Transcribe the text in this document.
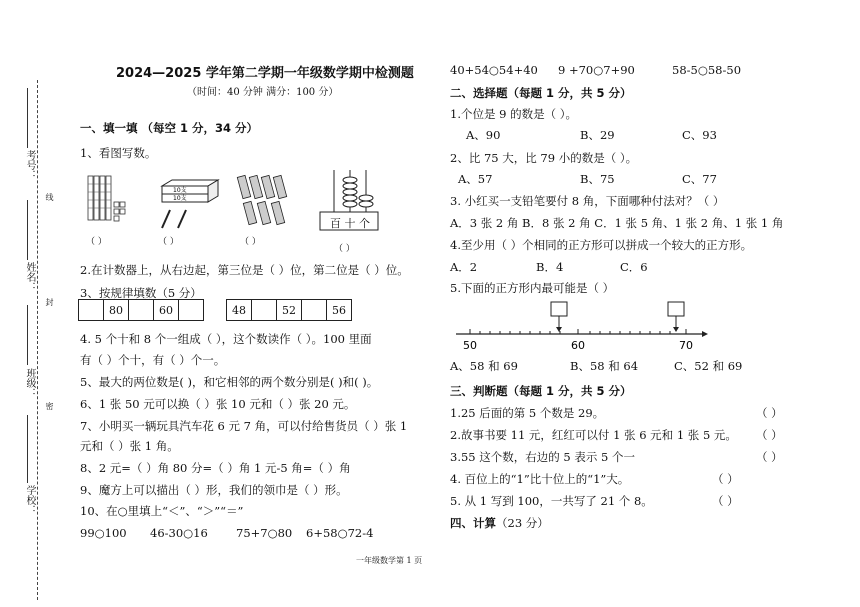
考号：
姓名：
班级：
学校：
线
封
密
2024—2025 学年第二学期一年级数学期中检测题
（时间：40 分钟 满分：100 分）
一、填一填 （每空 1 分，34 分）
1、看图写数。
（ ）
10支
10支
（ ）	（ ）
百 十 个
（ ）
2.在计数器上，从右边起，第三位是（ ）位，第二位是（ ）位。
3、按规律填数（5 分）
	80		60		48		52		56
4. 5 个十和 8 个一组成（ ），这个数读作（ ）。100 里面
有（ ）个十，有（ ）个一。
5、最大的两位数是( )，和它相邻的两个数分别是( )和( )。
6、1 张 50 元可以换（ ）张 10 元和（ ）张 20 元。
7、小明买一辆玩具汽车花 6 元 7 角，可以付给售货员（ ）张 1
元和（ ）张 1 角。
8、2 元=（ ）角 80 分=（ ）角 1 元-5 角=（ ）角
9、魔方上可以描出（ ）形，我们的领巾是（ ）形。
10、在○里填上“＜”、“＞”“＝”
99○100 46-30○16 75+7○80 6+58○72-4
一年级数学第 1 页
40+54○54+40 9 +70○7+90	58-5○58-50
二、选择题（每题 1 分，共 5 分）
1.个位是 9 的数是（ ）。
A、90	B、29	C、93
2、比 75 大，比 79 小的数是（ ）。
A、57	B、75	C、77
3. 小红买一支铅笔要付 8 角，下面哪种付法对？（ ）
A．3 张 2 角 B．8 张 2 角 C．1 张 5 角、1 张 2 角、1 张 1 角
4.至少用（ ）个相同的正方形可以拼成一个较大的正方形。
A．2	B．4	C．6
5.下面的正方形内最可能是（ ）
50	60	70
A、58 和 69	B、58 和 64	C、52 和 69
三、判断题（每题 1 分，共 5 分）
1.25 后面的第 5 个数是 29。	（ ）
2.故事书要 11 元，红红可以付 1 张 6 元和 1 张 5 元。 （ ）
3.55 这个数，右边的 5 表示 5 个一	（ ）
4. 百位上的“1”比十位上的“1”大。	（ ）
5. 从 1 写到 100，一共写了 21 个 8。	（ ）
四、计算（23 分）
